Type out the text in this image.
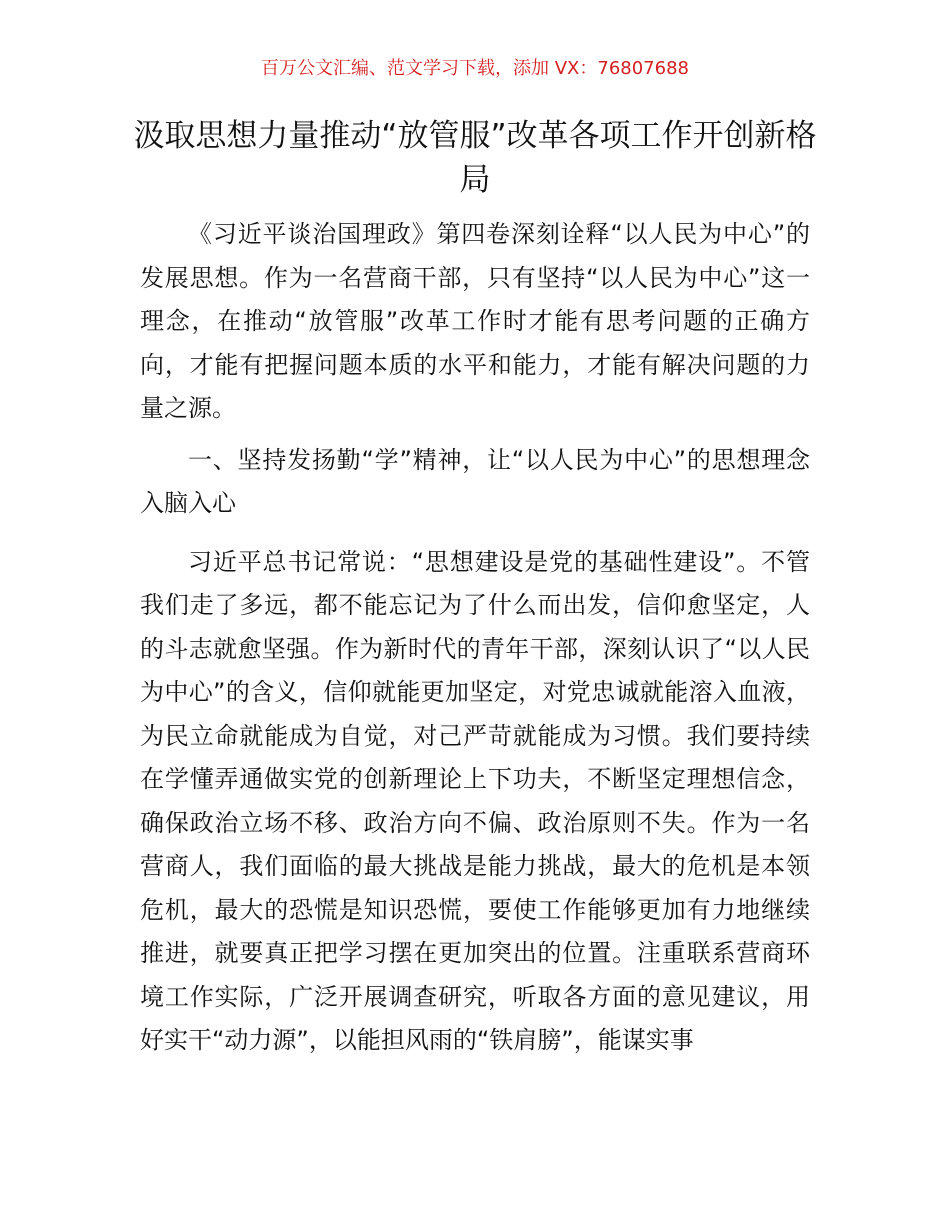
百万公文汇编、范文学习下载，添加 VX：76807688
汲取思想力量推动“放管服”改革各项工作开创新格局

《习近平谈治国理政》第四卷深刻诠释“以人民为中心”的发展思想。作为一名营商干部，只有坚持“以人民为中心”这一理念，在推动“放管服”改革工作时才能有思考问题的正确方向，才能有把握问题本质的水平和能力，才能有解决问题的力量之源。

一、坚持发扬勤“学”精神，让“以人民为中心”的思想理念入脑入心

习近平总书记常说：“思想建设是党的基础性建设”。不管我们走了多远，都不能忘记为了什么而出发，信仰愈坚定，人的斗志就愈坚强。作为新时代的青年干部，深刻认识了“以人民为中心”的含义，信仰就能更加坚定，对党忠诚就能溶入血液，为民立命就能成为自觉，对己严苛就能成为习惯。我们要持续在学懂弄通做实党的创新理论上下功夫，不断坚定理想信念，确保政治立场不移、政治方向不偏、政治原则不失。作为一名营商人，我们面临的最大挑战是能力挑战，最大的危机是本领危机，最大的恐慌是知识恐慌，要使工作能够更加有力地继续推进，就要真正把学习摆在更加突出的位置。注重联系营商环境工作实际，广泛开展调查研究，听取各方面的意见建议，用好实干“动力源”，以能担风雨的“铁肩膀”，能谋实事
